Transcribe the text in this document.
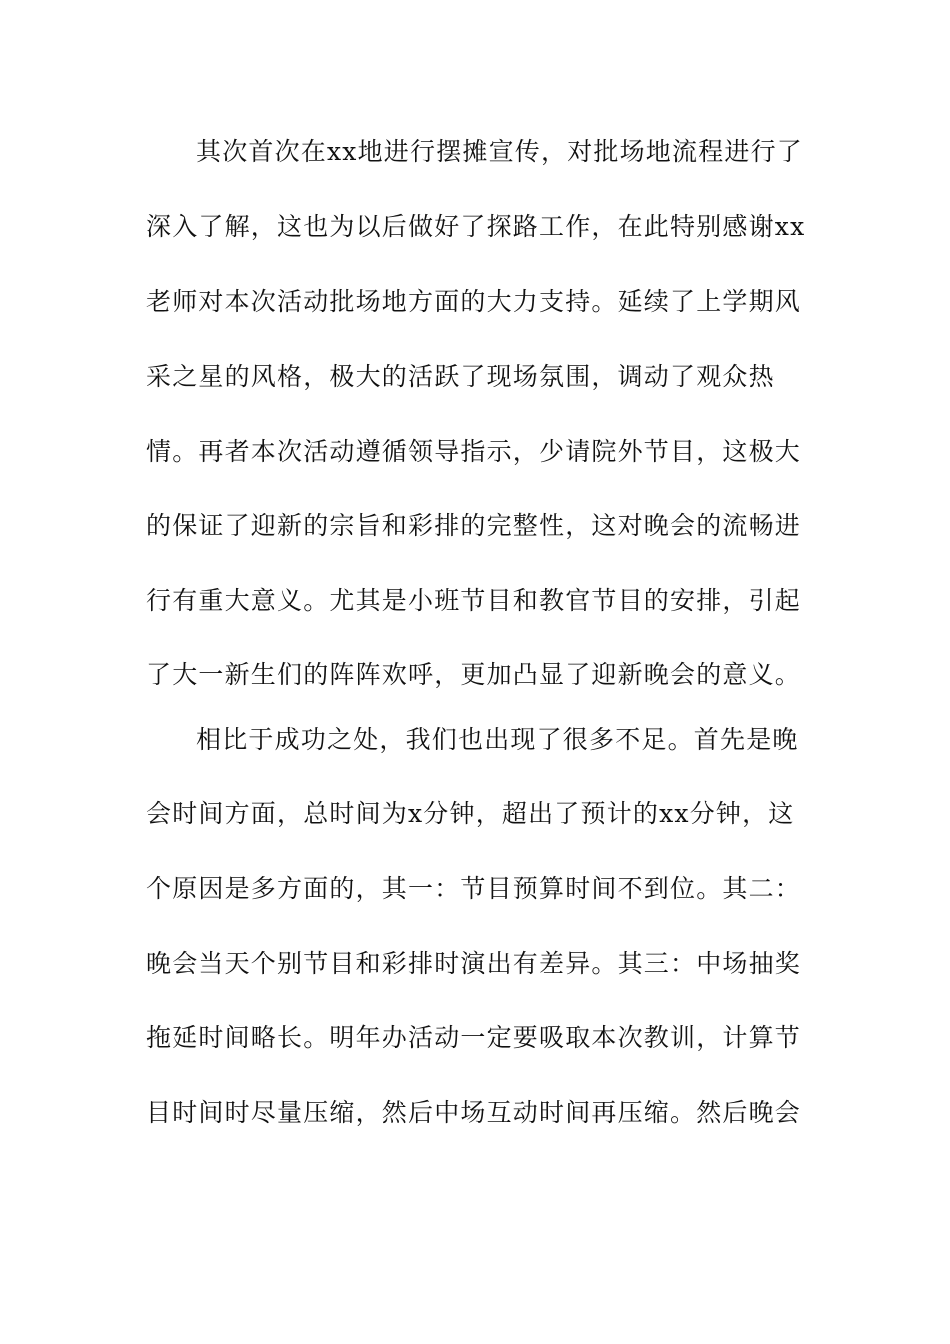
其次首次在xx地进行摆摊宣传，对批场地流程进行了
深入了解，这也为以后做好了探路工作，在此特别感谢xx
老师对本次活动批场地方面的大力支持。延续了上学期风
采之星的风格，极大的活跃了现场氛围，调动了观众热
情。再者本次活动遵循领导指示，少请院外节目，这极大
的保证了迎新的宗旨和彩排的完整性，这对晚会的流畅进
行有重大意义。尤其是小班节目和教官节目的安排，引起
了大一新生们的阵阵欢呼，更加凸显了迎新晚会的意义。
相比于成功之处，我们也出现了很多不足。首先是晚
会时间方面，总时间为x分钟，超出了预计的xx分钟，这
个原因是多方面的，其一：节目预算时间不到位。其二：
晚会当天个别节目和彩排时演出有差异。其三：中场抽奖
拖延时间略长。明年办活动一定要吸取本次教训，计算节
目时间时尽量压缩，然后中场互动时间再压缩。然后晚会
